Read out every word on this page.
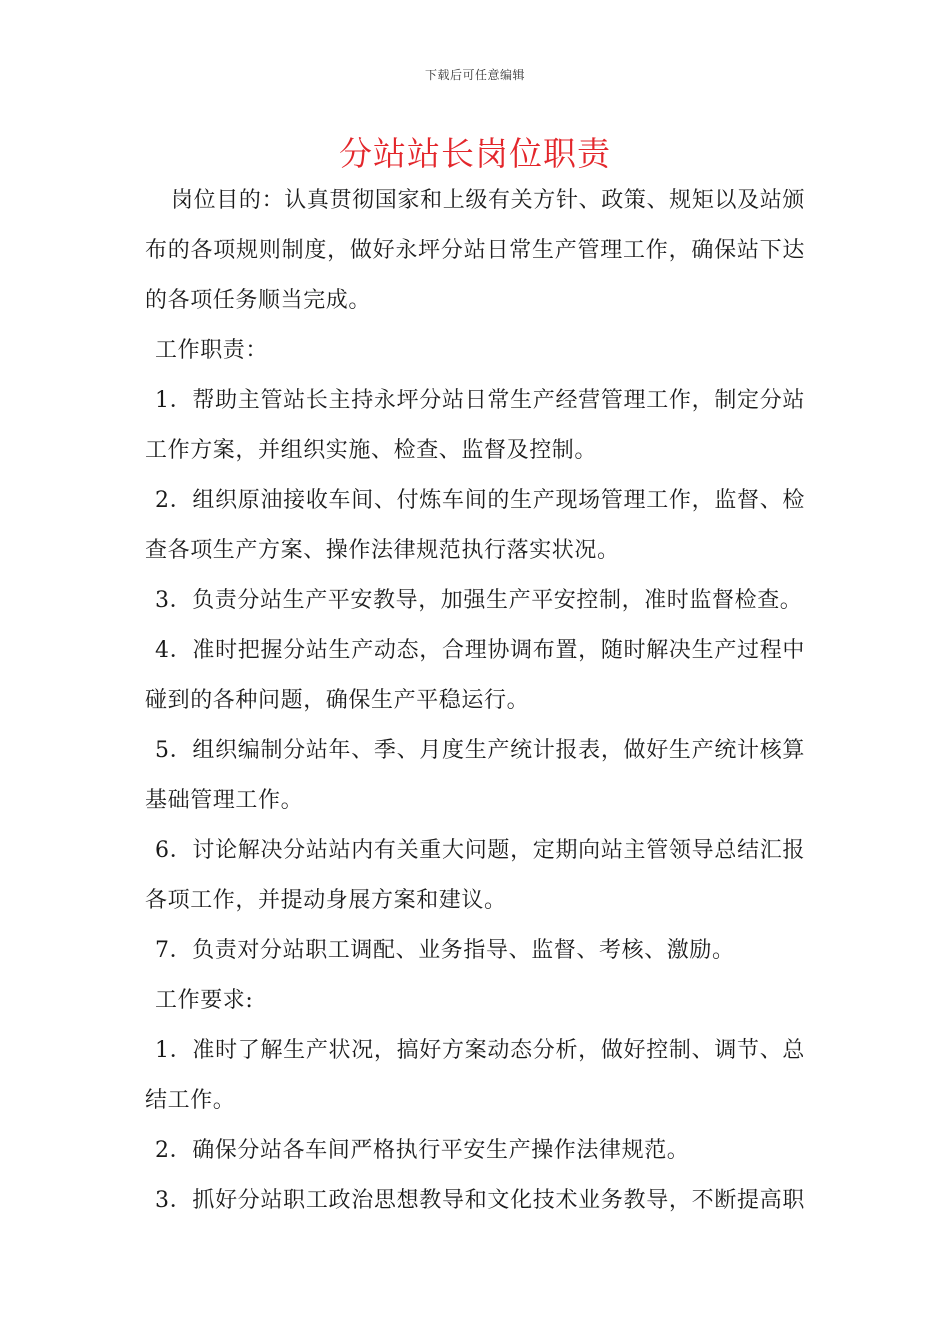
下载后可任意编辑
分站站长岗位职责
岗位目的：认真贯彻国家和上级有关方针、政策、规矩以及站颁
布的各项规则制度，做好永坪分站日常生产管理工作，确保站下达
的各项任务顺当完成。
工作职责：
1．帮助主管站长主持永坪分站日常生产经营管理工作，制定分站
工作方案，并组织实施、检查、监督及控制。
2．组织原油接收车间、付炼车间的生产现场管理工作，监督、检
查各项生产方案、操作法律规范执行落实状况。
3．负责分站生产平安教导，加强生产平安控制，准时监督检查。
4．准时把握分站生产动态，合理协调布置，随时解决生产过程中
碰到的各种问题，确保生产平稳运行。
5．组织编制分站年、季、月度生产统计报表，做好生产统计核算
基础管理工作。
6．讨论解决分站站内有关重大问题，定期向站主管领导总结汇报
各项工作，并提动身展方案和建议。
7．负责对分站职工调配、业务指导、监督、考核、激励。
工作要求:
1．准时了解生产状况，搞好方案动态分析，做好控制、调节、总
结工作。
2．确保分站各车间严格执行平安生产操作法律规范。
3．抓好分站职工政治思想教导和文化技术业务教导，不断提高职
